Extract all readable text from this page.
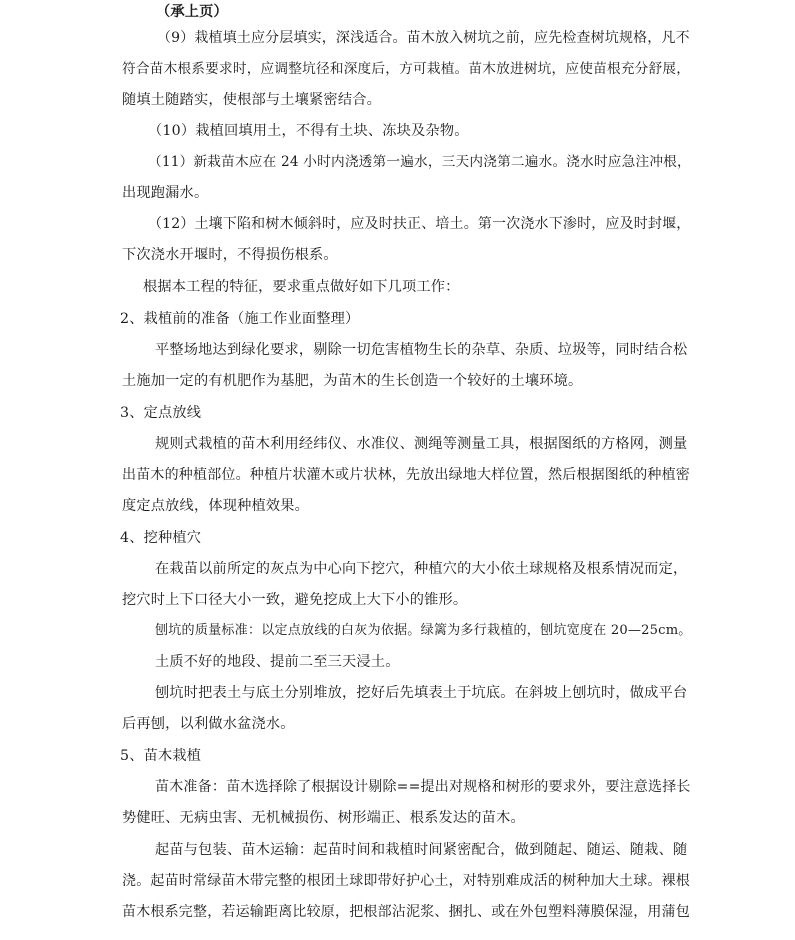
（承上页）
（9）栽植填土应分层填实，深浅适合。苗木放入树坑之前，应先检查树坑规格，凡不
符合苗木根系要求时，应调整坑径和深度后，方可栽植。苗木放进树坑，应使苗根充分舒展，
随填土随踏实，使根部与土壤紧密结合。
（10）栽植回填用土，不得有土块、冻块及杂物。
（11）新栽苗木应在 24 小时内浇透第一遍水，三天内浇第二遍水。浇水时应急注冲根，
出现跑漏水。
（12）土壤下陷和树木倾斜时，应及时扶正、培土。第一次浇水下渗时，应及时封堰，
下次浇水开堰时，不得损伤根系。
根据本工程的特征，要求重点做好如下几项工作：
2、栽植前的准备（施工作业面整理）
平整场地达到绿化要求，剔除一切危害植物生长的杂草、杂质、垃圾等，同时结合松
土施加一定的有机肥作为基肥，为苗木的生长创造一个较好的土壤环境。
3、定点放线
规则式栽植的苗木利用经纬仪、水准仪、测绳等测量工具，根据图纸的方格网，测量
出苗木的种植部位。种植片状灌木或片状林，先放出绿地大样位置，然后根据图纸的种植密
度定点放线，体现种植效果。
4、挖种植穴
在栽苗以前所定的灰点为中心向下挖穴，种植穴的大小依土球规格及根系情况而定，
挖穴时上下口径大小一致，避免挖成上大下小的锥形。
刨坑的质量标准：以定点放线的白灰为依据。绿篱为多行栽植的，刨坑宽度在 20—25cm。
土质不好的地段、提前二至三天浸土。
刨坑时把表土与底土分别堆放，挖好后先填表土于坑底。在斜坡上刨坑时，做成平台
后再刨，以利做水盆浇水。
5、苗木栽植
苗木准备：苗木选择除了根据设计剔除==提出对规格和树形的要求外，要注意选择长
势健旺、无病虫害、无机械损伤、树形端正、根系发达的苗木。
起苗与包装、苗木运输：起苗时间和栽植时间紧密配合，做到随起、随运、随栽、随
浇。起苗时常绿苗木带完整的根团土球即带好护心土，对特别难成活的树种加大土球。裸根
苗木根系完整，若运输距离比较原，把根部沾泥浆、捆扎、或在外包塑料薄膜保湿，用蒲包
